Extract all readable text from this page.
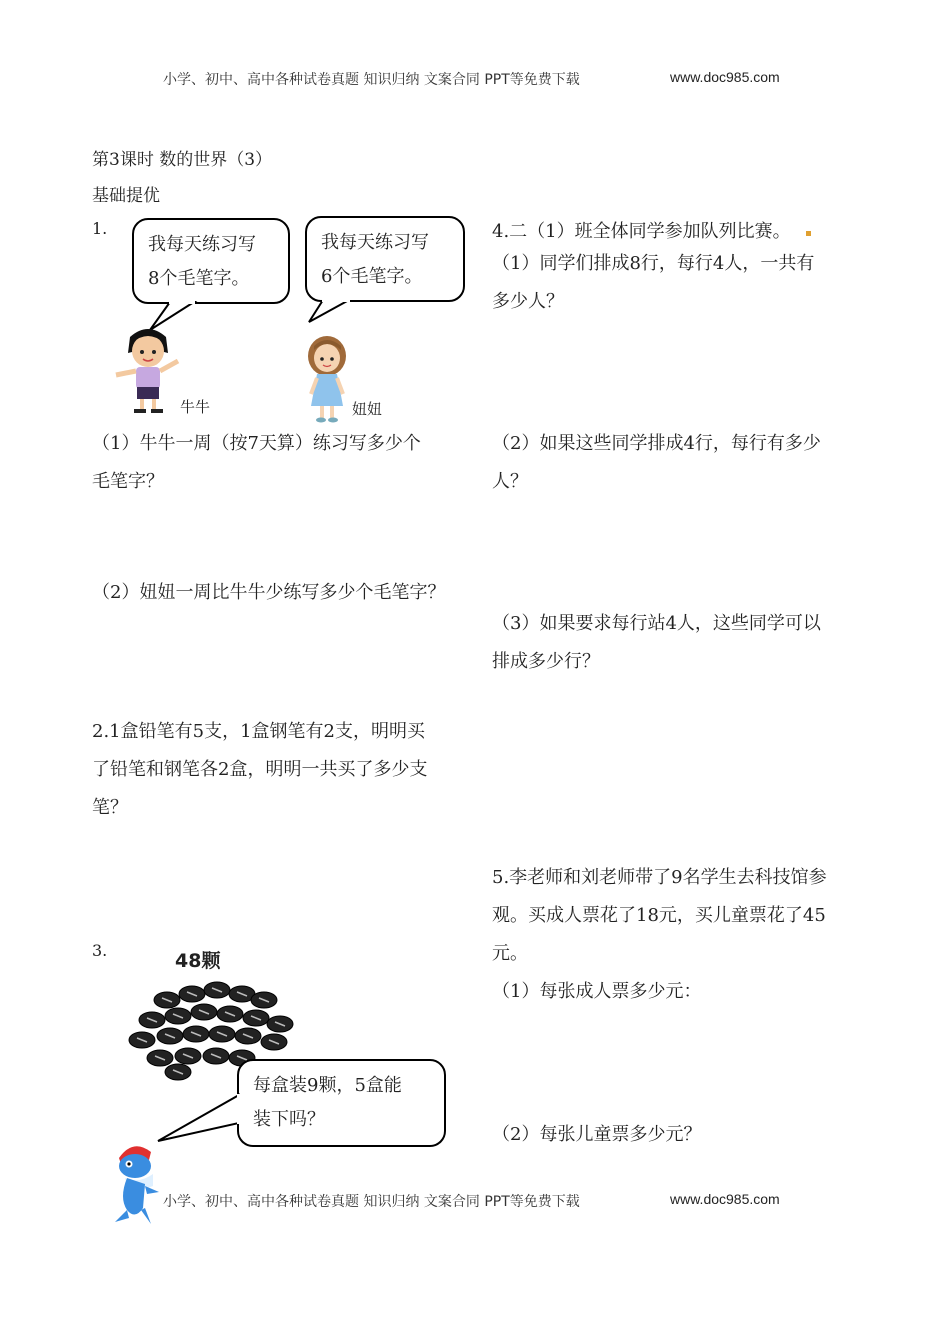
小学、初中、高中各种试卷真题 知识归纳 文案合同 PPT等免费下载	www.doc985.com
第3课时 数的世界（3）
基础提优
1.
我每天练习写
8个毛笔字。
我每天练习写
6个毛笔字。
牛牛	妞妞
（1）牛牛一周（按7天算）练习写多少个
毛笔字？
（2）妞妞一周比牛牛少练写多少个毛笔字？
2.1盒铅笔有5支，1盒钢笔有2支，明明买
了铅笔和钢笔各2盒，明明一共买了多少支
笔？
3.	48颗
每盒装9颗，5盒能
装下吗？
4.二（1）班全体同学参加队列比赛。
（1）同学们排成8行，每行4人，一共有
多少人？
（2）如果这些同学排成4行，每行有多少
人？
（3）如果要求每行站4人，这些同学可以
排成多少行？
5.李老师和刘老师带了9名学生去科技馆参
观。买成人票花了18元，买儿童票花了45
元。
（1）每张成人票多少元：
（2）每张儿童票多少元？
小学、初中、高中各种试卷真题 知识归纳 文案合同 PPT等免费下载	www.doc985.com
